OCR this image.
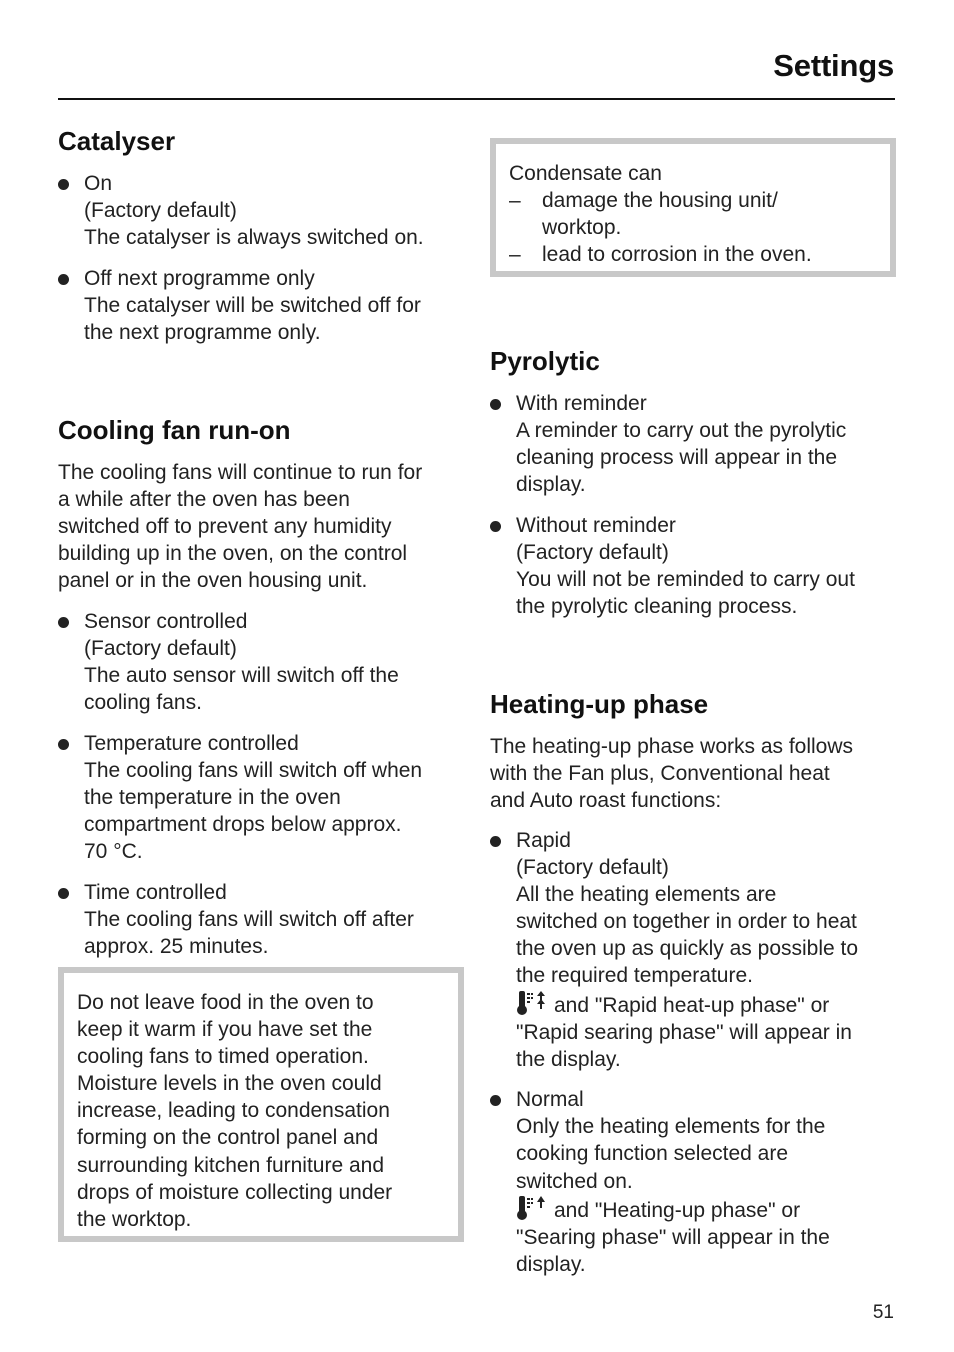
Settings
Catalyser
On
(Factory default)
The catalyser is always switched on.
Off next programme only
The catalyser will be switched off for
the next programme only.
Cooling fan run-on
The cooling fans will continue to run for
a while after the oven has been
switched off to prevent any humidity
building up in the oven, on the control
panel or in the oven housing unit.
Sensor controlled
(Factory default)
The auto sensor will switch off the
cooling fans.
Temperature controlled
The cooling fans will switch off when
the temperature in the oven
compartment drops below approx.
70 °C.
Time controlled
The cooling fans will switch off after
approx. 25 minutes.
Do not leave food in the oven to
keep it warm if you have set the
cooling fans to timed operation.
Moisture levels in the oven could
increase, leading to condensation
forming on the control panel and
surrounding kitchen furniture and
drops of moisture collecting under
the worktop.
Condensate can
–	damage the housing unit/
worktop.
–	lead to corrosion in the oven.
Pyrolytic
With reminder
A reminder to carry out the pyrolytic
cleaning process will appear in the
display.
Without reminder
(Factory default)
You will not be reminded to carry out
the pyrolytic cleaning process.
Heating-up phase
The heating-up phase works as follows
with the Fan plus, Conventional heat
and Auto roast functions:
Rapid
(Factory default)
All the heating elements are
switched on together in order to heat
the oven up as quickly as possible to
the required temperature.
and "Rapid heat-up phase" or
"Rapid searing phase" will appear in
the display.
Normal
Only the heating elements for the
cooking function selected are
switched on.
and "Heating-up phase" or
"Searing phase" will appear in the
display.
51
